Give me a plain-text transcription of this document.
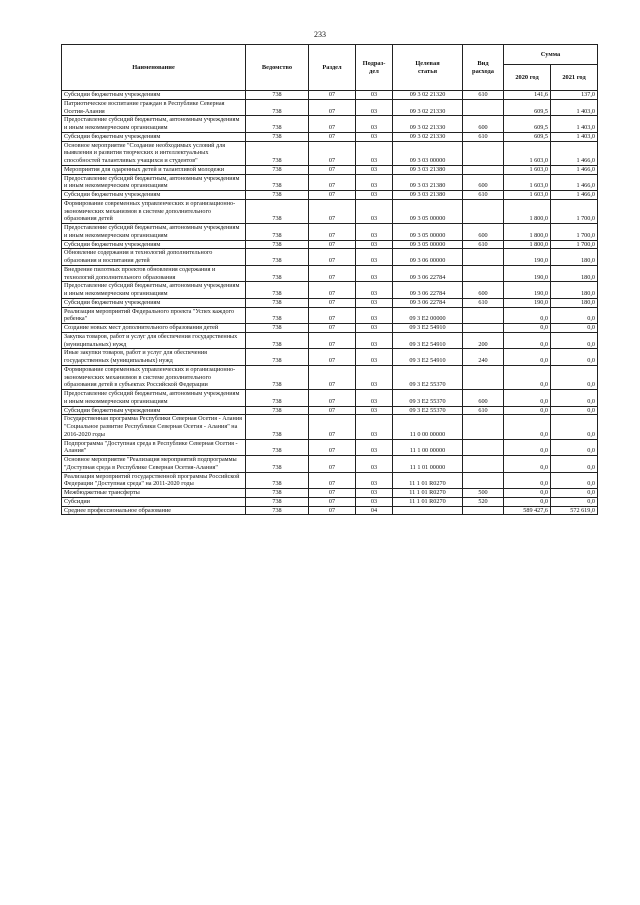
233
Наименование	Ведомство	Раздел	Подраз-
дел	Целевая
статья	Вид
расхода	Сумма	
						2020 год	2021 год
Субсидии бюджетным учреждениям	738	07	03	09 3 02 21320	610	141,6	137,0
Патриотическое воспитание граждан в Республике Северная Осетия-Алания	738	07	03	09 3 02 21330		609,5	1 403,0
Предоставление субсидий бюджетным, автономным учреждениям и иным некоммерческим организациям	738	07	03	09 3 02 21330	600	609,5	1 403,0
Субсидии бюджетным учреждениям	738	07	03	09 3 02 21330	610	609,5	1 403,0
Основное мероприятие "Создание необходимых условий для выявления и развития творческих и интеллектуальных способностей талантливых учащихся и студентов"	738	07	03	09 3 03 00000		1 603,0	1 466,0
Мероприятия для одаренных детей и талантливой молодежи	738	07	03	09 3 03 21380		1 603,0	1 466,0
Предоставление субсидий бюджетным, автономным учреждениям и иным некоммерческим организациям	738	07	03	09 3 03 21380	600	1 603,0	1 466,0
Субсидии бюджетным учреждениям	738	07	03	09 3 03 21380	610	1 603,0	1 466,0
Формирование современных управленческих и организационно-экономических механизмов в системе дополнительного образования детей	738	07	03	09 3 05 00000		1 800,0	1 700,0
Предоставление субсидий бюджетным, автономным учреждениям и иным некоммерческим организациям	738	07	03	09 3 05 00000	600	1 800,0	1 700,0
Субсидии бюджетным учреждениям	738	07	03	09 3 05 00000	610	1 800,0	1 700,0
Обновление содержания и технологий дополнительного образования и воспитания детей	738	07	03	09 3 06 00000		190,0	180,0
Внедрение пилотных проектов обновления содержания и технологий дополнительного образования	738	07	03	09 3 06 22784		190,0	180,0
Предоставление субсидий бюджетным, автономным учреждениям и иным некоммерческим организациям	738	07	03	09 3 06 22784	600	190,0	180,0
Субсидии бюджетным учреждениям	738	07	03	09 3 06 22784	610	190,0	180,0
Реализация мероприятий Федерального проекта "Успех каждого ребенка"	738	07	03	09 3 E2 00000		0,0	0,0
Создание новых мест дополнительного образования детей	738	07	03	09 3 E2 54910		0,0	0,0
Закупка товаров, работ и услуг для обеспечения государственных (муниципальных) нужд	738	07	03	09 3 E2 54910	200	0,0	0,0
Иные закупки товаров, работ и услуг для обеспечения государственных (муниципальных) нужд	738	07	03	09 3 E2 54910	240	0,0	0,0
Формирование современных управленческих и организационно-экономических механизмов в системе дополнительного образования детей в субъектах Российской Федерации	738	07	03	09 3 E2 55370		0,0	0,0
Предоставление субсидий бюджетным, автономным учреждениям и иным некоммерческим организациям	738	07	03	09 3 E2 55370	600	0,0	0,0
Субсидии бюджетным учреждениям	738	07	03	09 3 E2 55370	610	0,0	0,0
Государственная программа Республики Северная Осетия - Алания "Социальное развитие Республики Северная Осетия - Алания" на 2016-2020 годы	738	07	03	11 0 00 00000		0,0	0,0
Подпрограмма "Доступная среда в Республике Северная Осетия - Алания"	738	07	03	11 1 00 00000		0,0	0,0
Основное мероприятие "Реализация мероприятий подпрограммы "Доступная среда в Республике Северная Осетия-Алания"	738	07	03	11 1 01 00000		0,0	0,0
Реализация мероприятий государственной программы Российской Федерации "Доступная среда" на 2011-2020 годы	738	07	03	11 1 01 R0270		0,0	0,0
Межбюджетные трансферты	738	07	03	11 1 01 R0270	500	0,0	0,0
Субсидии	738	07	03	11 1 01 R0270	520	0,0	0,0
Среднее профессиональное образование	738	07	04			589 427,6	572 619,0
